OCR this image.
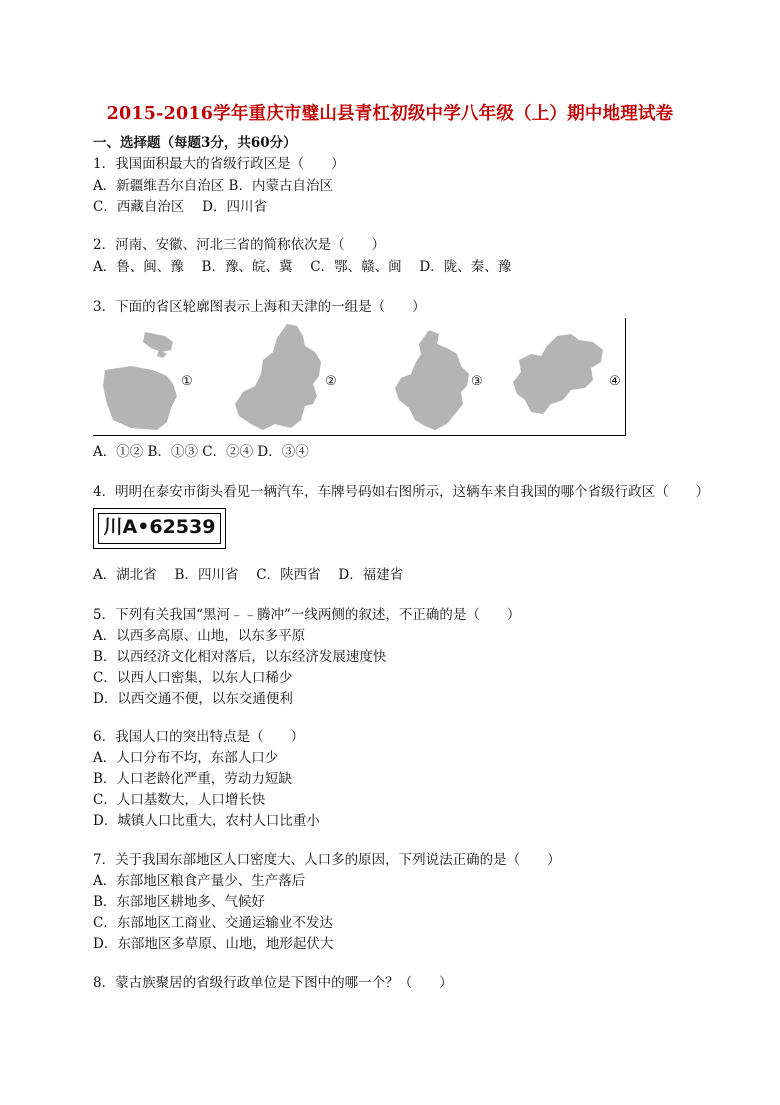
2015-2016学年重庆市璧山县青杠初级中学八年级（上）期中地理试卷
一、选择题（每题3分，共60分）
1．我国面积最大的省级行政区是（　　）
A．新疆维吾尔自治区 B．内蒙古自治区
C．西藏自治区　 D．四川省
2．河南、安徽、河北三省的简称依次是（　　）
A．鲁、闽、豫　 B．豫、皖、冀　 C．鄂、赣、闽　 D．陇、秦、豫
3．下面的省区轮廓图表示上海和天津的一组是（　　）
①	②	③	④
A．①② B．①③ C．②④ D．③④
4．明明在泰安市街头看见一辆汽车，车牌号码如右图所示，这辆车来自我国的哪个省级行政区（　　）
川A•62539
A．湖北省　 B．四川省　 C．陕西省　 D．福建省
5．下列有关我国“黑河﹣﹣腾冲”一线两侧的叙述，不正确的是（　　）
A．以西多高原、山地，以东多平原
B．以西经济文化相对落后，以东经济发展速度快
C．以西人口密集，以东人口稀少
D．以西交通不便，以东交通便利
6．我国人口的突出特点是（　　）
A．人口分布不均，东部人口少
B．人口老龄化严重，劳动力短缺
C．人口基数大，人口增长快
D．城镇人口比重大，农村人口比重小
7．关于我国东部地区人口密度大、人口多的原因，下列说法正确的是（　　）
A．东部地区粮食产量少、生产落后
B．东部地区耕地多、气候好
C．东部地区工商业、交通运输业不发达
D．东部地区多草原、山地，地形起伏大
8．蒙古族聚居的省级行政单位是下图中的哪一个？（　　）
